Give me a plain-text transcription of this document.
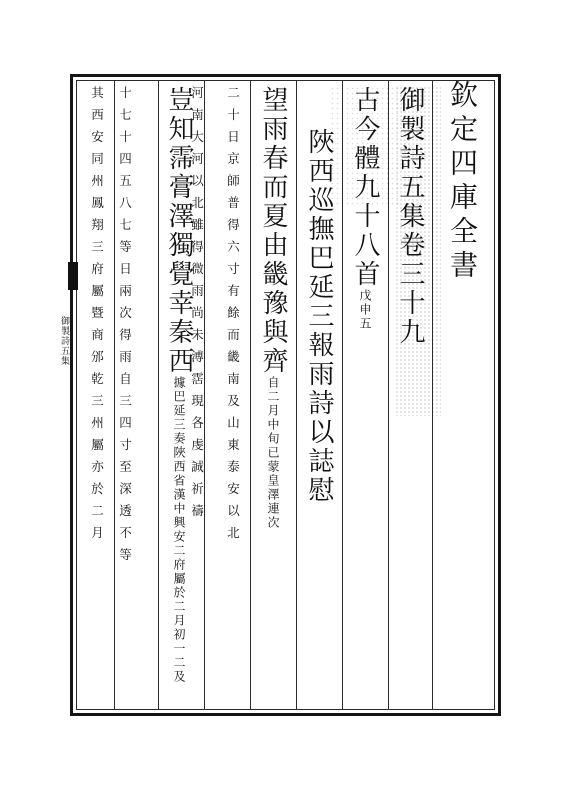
御製詩五集
欽定四庫全書
御製詩五集卷三十九
古今體九十八首戊申五
陜西巡撫巴延三報雨詩以誌慰
望雨春而夏由畿豫與齊自二月中旬已蒙皇澤連次
二十日京師普得六寸有餘而畿南及山東泰安以北
河南大河以北雖得微雨尚未溥霑現各虔誠祈禱
豈知霈膏澤獨覺幸秦西據巴延三奏陜西省漢中興安二府屬於二月初一二及
十七十四五八七等日兩次得雨自三四寸至深透不等
其西安同州鳳翔三府屬暨商邠乾三州屬亦於二月
